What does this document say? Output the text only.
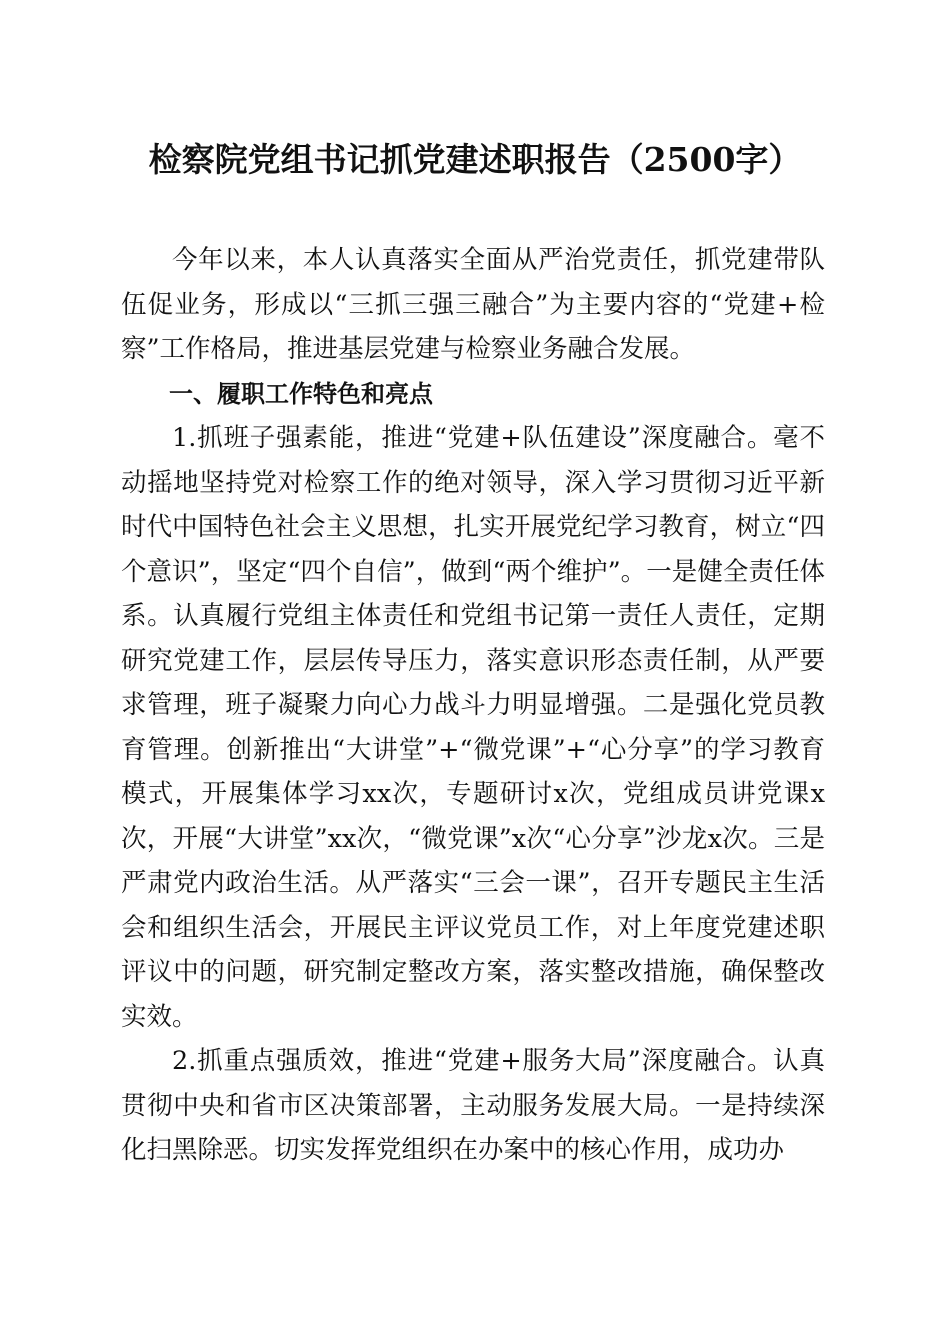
检察院党组书记抓党建述职报告（2500字）

今年以来，本人认真落实全面从严治党责任，抓党建带队伍促业务，形成以“三抓三强三融合”为主要内容的“党建+检察”工作格局，推进基层党建与检察业务融合发展。

一、履职工作特色和亮点

1.抓班子强素能，推进“党建+队伍建设”深度融合。毫不动摇地坚持党对检察工作的绝对领导，深入学习贯彻习近平新时代中国特色社会主义思想，扎实开展党纪学习教育，树立“四个意识”，坚定“四个自信”，做到“两个维护”。一是健全责任体系。认真履行党组主体责任和党组书记第一责任人责任，定期研究党建工作，层层传导压力，落实意识形态责任制，从严要求管理，班子凝聚力向心力战斗力明显增强。二是强化党员教育管理。创新推出“大讲堂”+“微党课”+“心分享”的学习教育模式，开展集体学习xx次，专题研讨x次，党组成员讲党课x次，开展“大讲堂”xx次，“微党课”x次“心分享”沙龙x次。三是严肃党内政治生活。从严落实“三会一课”，召开专题民主生活会和组织生活会，开展民主评议党员工作，对上年度党建述职评议中的问题，研究制定整改方案，落实整改措施，确保整改实效。

2.抓重点强质效，推进“党建+服务大局”深度融合。认真贯彻中央和省市区决策部署，主动服务发展大局。一是持续深化扫黑除恶。切实发挥党组织在办案中的核心作用，成功办
